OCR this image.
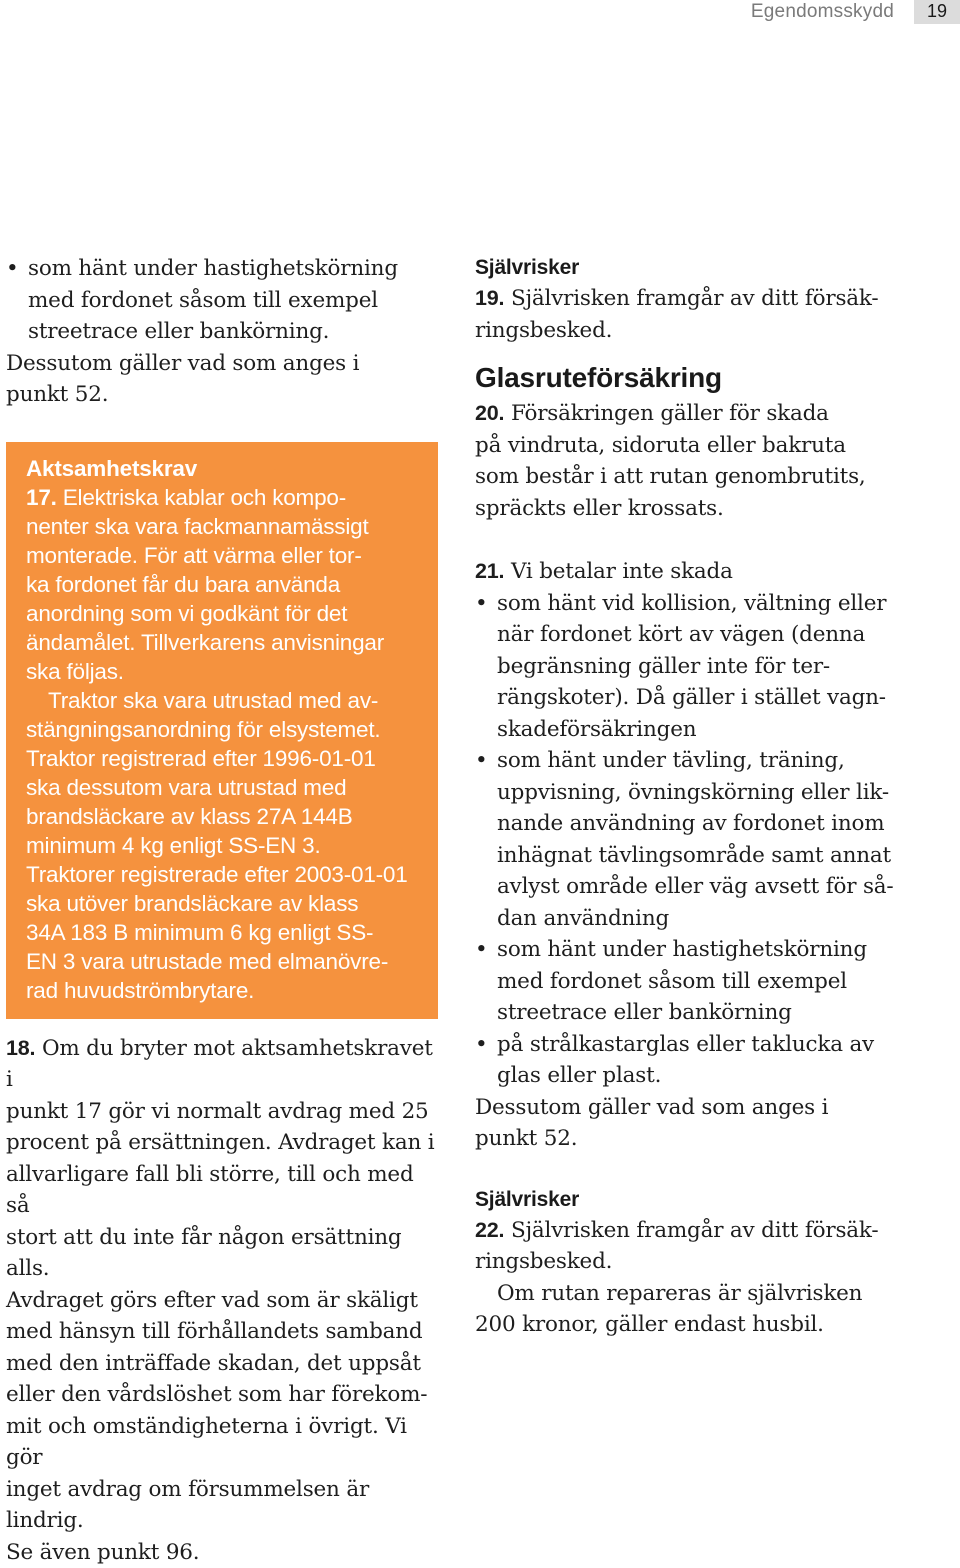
Egendomsskydd	19
• som hänt under hastighetskörning
med fordonet såsom till exempel
streetrace eller bankörning.

Dessutom gäller vad som anges i
punkt 52.

Aktsamhetskrav
17. Elektriska kablar och kompo-
nenter ska vara fackmannamässigt
monterade. För att värma eller tor-
ka fordonet får du bara använda
anordning som vi godkänt för det
ändamålet. Tillverkarens anvisningar
ska följas.
Traktor ska vara utrustad med av-
stängningsanordning för elsystemet.
Traktor registrerad efter 1996-01-01
ska dessutom vara utrustad med
brandsläckare av klass 27A 144B
minimum 4 kg enligt SS-EN 3.
Traktorer registrerade efter 2003-01-01
ska utöver brandsläckare av klass
34A 183 B minimum 6 kg enligt SS-
EN 3 vara utrustade med elmanövre-
rad huvudströmbrytare.

18. Om du bryter mot aktsamhetskravet i
punkt 17 gör vi normalt avdrag med 25
procent på ersättningen. Avdraget kan i
allvarligare fall bli större, till och med så
stort att du inte får någon ersättning alls.
Avdraget görs efter vad som är skäligt
med hänsyn till förhållandets samband
med den inträffade skadan, det uppsåt
eller den vårdslöshet som har förekom-
mit och omständigheterna i övrigt. Vi gör
inget avdrag om försummelsen är lindrig.
Se även punkt 96.

Självrisker

19. Självrisken framgår av ditt försäk-
ringsbesked.

Glasruteförsäkring

20. Försäkringen gäller för skada
på vindruta, sidoruta eller bakruta
som består i att rutan genombrutits,
spräckts eller krossats.

21. Vi betalar inte skada

• som hänt vid kollision, vältning eller
när fordonet kört av vägen (denna
begränsning gäller inte för ter-
rängskoter). Då gäller i stället vagn-
skadeförsäkringen
• som hänt under tävling, träning,
uppvisning, övningskörning eller lik-
nande användning av fordonet inom
inhägnat tävlingsområde samt annat
avlyst område eller väg avsett för så-
dan användning
• som hänt under hastighetskörning
med fordonet såsom till exempel
streetrace eller bankörning
• på strålkastarglas eller taklucka av
glas eller plast.

Dessutom gäller vad som anges i
punkt 52.

Självrisker

22. Självrisken framgår av ditt försäk-
ringsbesked.

Om rutan repareras är självrisken
200 kronor, gäller endast husbil.
